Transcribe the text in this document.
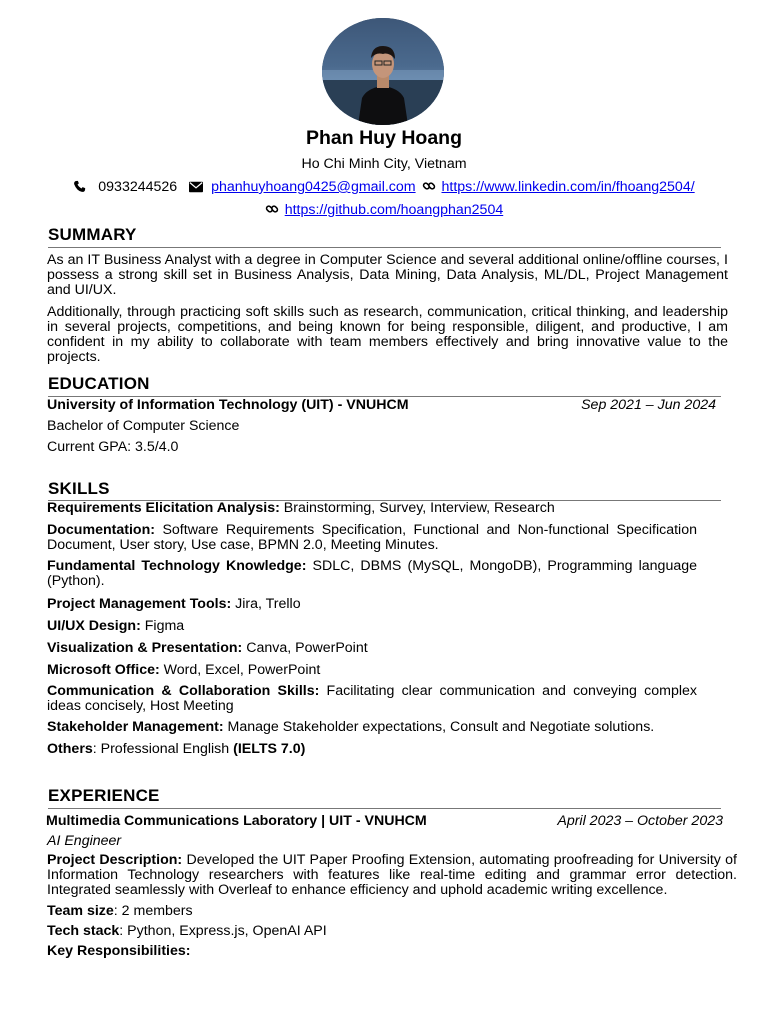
Phan Huy Hoang
Ho Chi Minh City, Vietnam
0933244526 phanhuyhoang0425@gmail.com https://www.linkedin.com/in/fhoang2504/
https://github.com/hoangphan2504
SUMMARY
As an IT Business Analyst with a degree in Computer Science and several additional online/offline courses, I possess a strong skill set in Business Analysis, Data Mining, Data Analysis, ML/DL, Project Management and UI/UX.
Additionally, through practicing soft skills such as research, communication, critical thinking, and leadership in several projects, competitions, and being known for being responsible, diligent, and productive, I am confident in my ability to collaborate with team members effectively and bring innovative value to the projects.
EDUCATION
University of Information Technology (UIT) - VNUHCM	Sep 2021 – Jun 2024
Bachelor of Computer Science
Current GPA: 3.5/4.0
SKILLS
Requirements Elicitation Analysis: Brainstorming, Survey, Interview, Research
Documentation: Software Requirements Specification, Functional and Non-functional Specification Document, User story, Use case, BPMN 2.0, Meeting Minutes.
Fundamental Technology Knowledge: SDLC, DBMS (MySQL, MongoDB), Programming language (Python).
Project Management Tools: Jira, Trello
UI/UX Design: Figma
Visualization & Presentation: Canva, PowerPoint
Microsoft Office: Word, Excel, PowerPoint
Communication & Collaboration Skills: Facilitating clear communication and conveying complex ideas concisely, Host Meeting
Stakeholder Management: Manage Stakeholder expectations, Consult and Negotiate solutions.
Others: Professional English (IELTS 7.0)
EXPERIENCE
Multimedia Communications Laboratory | UIT - VNUHCM	April 2023 – October 2023
AI Engineer
Project Description: Developed the UIT Paper Proofing Extension, automating proofreading for University of Information Technology researchers with features like real-time editing and grammar error detection. Integrated seamlessly with Overleaf to enhance efficiency and uphold academic writing excellence.
Team size: 2 members
Tech stack: Python, Express.js, OpenAI API
Key Responsibilities:
